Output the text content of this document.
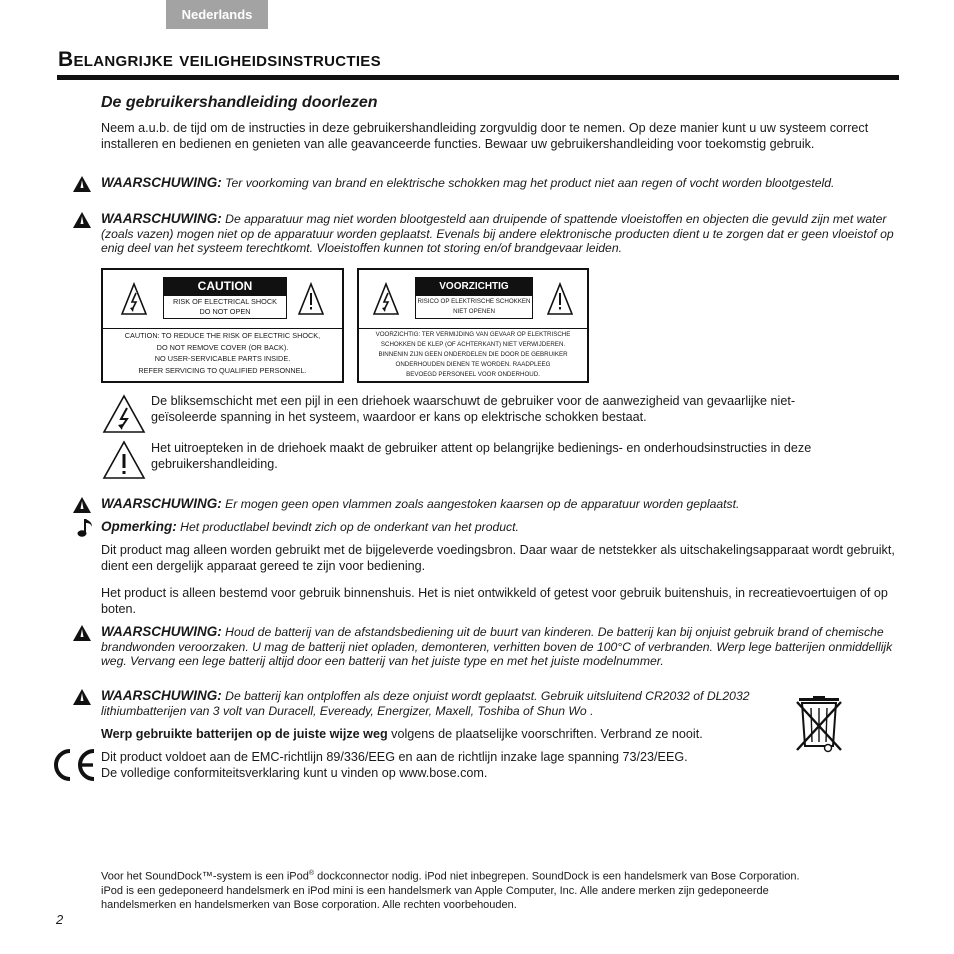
Nederlands
Belangrijke veiligheidsinstructies
De gebruikershandleiding doorlezen

Neem a.u.b. de tijd om de instructies in deze gebruikershandleiding zorgvuldig door te nemen. Op deze manier kunt u uw systeem correct installeren en bedienen en genieten van alle geavanceerde functies. Bewaar uw gebruikershandleiding voor toekomstig gebruik.

WAARSCHUWING: Ter voorkoming van brand en elektrische schokken mag het product niet aan regen of vocht worden blootgesteld.

WAARSCHUWING: De apparatuur mag niet worden blootgesteld aan druipende of spattende vloeistoffen en objecten die gevuld zijn met water (zoals vazen) mogen niet op de apparatuur worden geplaatst. Evenals bij andere elektronische producten dient u te zorgen dat er geen vloeistof op enig deel van het systeem terechtkomt. Vloeistoffen kunnen tot storing en/of brandgevaar leiden.

CAUTION
RISK OF ELECTRICAL SHOCK
DO NOT OPEN
CAUTION: TO REDUCE THE RISK OF ELECTRIC SHOCK,
DO NOT REMOVE COVER (OR BACK).
NO USER-SERVICABLE PARTS INSIDE.
REFER SERVICING TO QUALIFIED PERSONNEL.
VOORZICHTIG
RISICO OP ELEKTRISCHE SCHOKKEN
NIET OPENEN
VOORZICHTIG: TER VERMIJDING VAN GEVAAR OP ELEKTRISCHE
SCHOKKEN DE KLEP (OF ACHTERKANT) NIET VERWIJDEREN.
BINNENIN ZIJN GEEN ONDERDELEN DIE DOOR DE GEBRUIKER
ONDERHOUDEN DIENEN TE WORDEN. RAADPLEEG
BEVOEGD PERSONEEL VOOR ONDERHOUD.

De bliksemschicht met een pijl in een driehoek waarschuwt de gebruiker voor de aanwezigheid van gevaarlijke niet-geïsoleerde spanning in het systeem, waardoor er kans op elektrische schokken bestaat.

Het uitroepteken in de driehoek maakt de gebruiker attent op belangrijke bedienings- en onderhoudsinstructies in deze gebruikershandleiding.

WAARSCHUWING: Er mogen geen open vlammen zoals aangestoken kaarsen op de apparatuur worden geplaatst.

Opmerking: Het productlabel bevindt zich op de onderkant van het product.

Dit product mag alleen worden gebruikt met de bijgeleverde voedingsbron. Daar waar de netstekker als uitschakelingsapparaat wordt gebruikt, dient een dergelijk apparaat gereed te zijn voor bediening.

Het product is alleen bestemd voor gebruik binnenshuis. Het is niet ontwikkeld of getest voor gebruik buitenshuis, in recreatievoertuigen of op boten.

WAARSCHUWING: Houd de batterij van de afstandsbediening uit de buurt van kinderen. De batterij kan bij onjuist gebruik brand of chemische brandwonden veroorzaken. U mag de batterij niet opladen, demonteren, verhitten boven de 100°C of verbranden. Werp lege batterijen onmiddellijk weg. Vervang een lege batterij altijd door een batterij van het juiste type en met het juiste modelnummer.

WAARSCHUWING: De batterij kan ontploffen als deze onjuist wordt geplaatst. Gebruik uitsluitend CR2032 of DL2032 lithiumbatterijen van 3 volt van Duracell, Eveready, Energizer, Maxell, Toshiba of Shun Wo .

Werp gebruikte batterijen op de juiste wijze weg volgens de plaatselijke voorschriften. Verbrand ze nooit.

Dit product voldoet aan de EMC-richtlijn 89/336/EEG en aan de richtlijn inzake lage spanning 73/23/EEG.
De volledige conformiteitsverklaring kunt u vinden op www.bose.com.

Voor het SoundDock™-system is een iPod® dockconnector nodig. iPod niet inbegrepen. SoundDock is een handelsmerk van Bose Corporation.
iPod is een gedeponeerd handelsmerk en iPod mini is een handelsmerk van Apple Computer, Inc. Alle andere merken zijn gedeponeerde
handelsmerken en handelsmerken van Bose corporation. Alle rechten voorbehouden.

2
